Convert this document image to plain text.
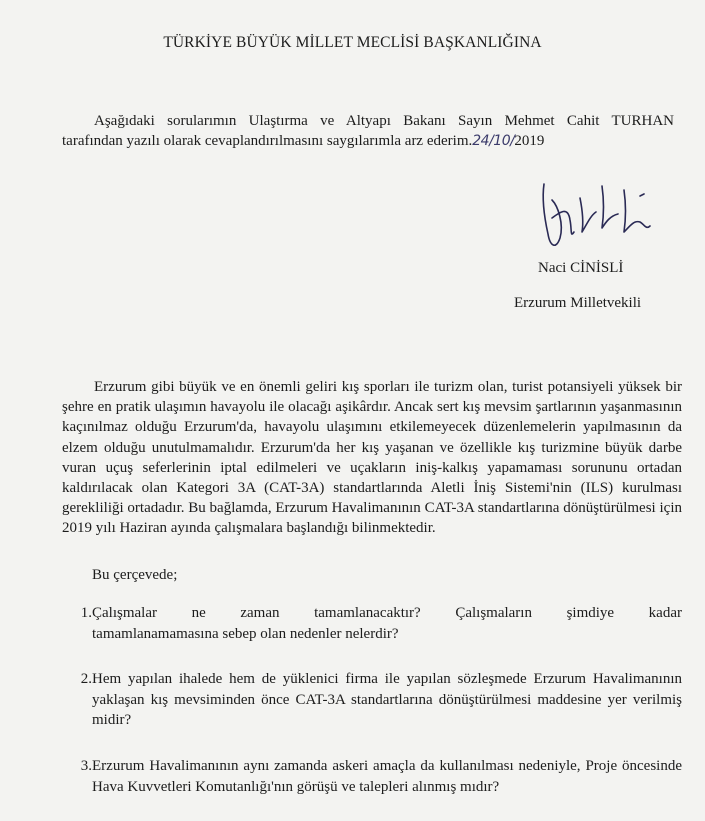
TÜRKİYE BÜYÜK MİLLET MECLİSİ BAŞKANLIĞINA
Aşağıdaki sorularımın Ulaştırma ve Altyapı Bakanı Sayın Mehmet Cahit TURHAN
tarafından yazılı olarak cevaplandırılmasını saygılarımla arz ederim.24/10/2019
Naci CİNİSLİ
Erzurum Milletvekili
Erzurum gibi büyük ve en önemli geliri kış sporları ile turizm olan, turist potansiyeli yüksek bir şehre en pratik ulaşımın havayolu ile olacağı aşikârdır. Ancak sert kış mevsim şartlarının yaşanmasının kaçınılmaz olduğu Erzurum'da, havayolu ulaşımını etkilemeyecek düzenlemelerin yapılmasının da elzem olduğu unutulmamalıdır. Erzurum'da her kış yaşanan ve özellikle kış turizmine büyük darbe vuran uçuş seferlerinin iptal edilmeleri ve uçakların iniş-kalkış yapamaması sorununu ortadan kaldırılacak olan Kategori 3A (CAT-3A) standartlarında Aletli İniş Sistemi'nin (ILS) kurulması gerekliliği ortadadır. Bu bağlamda, Erzurum Havalimanının CAT-3A standartlarına dönüştürülmesi için 2019 yılı Haziran ayında çalışmalara başlandığı bilinmektedir.
Bu çerçevede;
1. Çalışmalar ne zaman tamamlanacaktır? Çalışmaların şimdiye kadar
tamamlanamamasına sebep olan nedenler nelerdir?
2. Hem yapılan ihalede hem de yüklenici firma ile yapılan sözleşmede Erzurum Havalimanının yaklaşan kış mevsiminden önce CAT-3A standartlarına dönüştürülmesi maddesine yer verilmiş midir?
3. Erzurum Havalimanının aynı zamanda askeri amaçla da kullanılması nedeniyle, Proje öncesinde Hava Kuvvetleri Komutanlığı'nın görüşü ve talepleri alınmış mıdır?
